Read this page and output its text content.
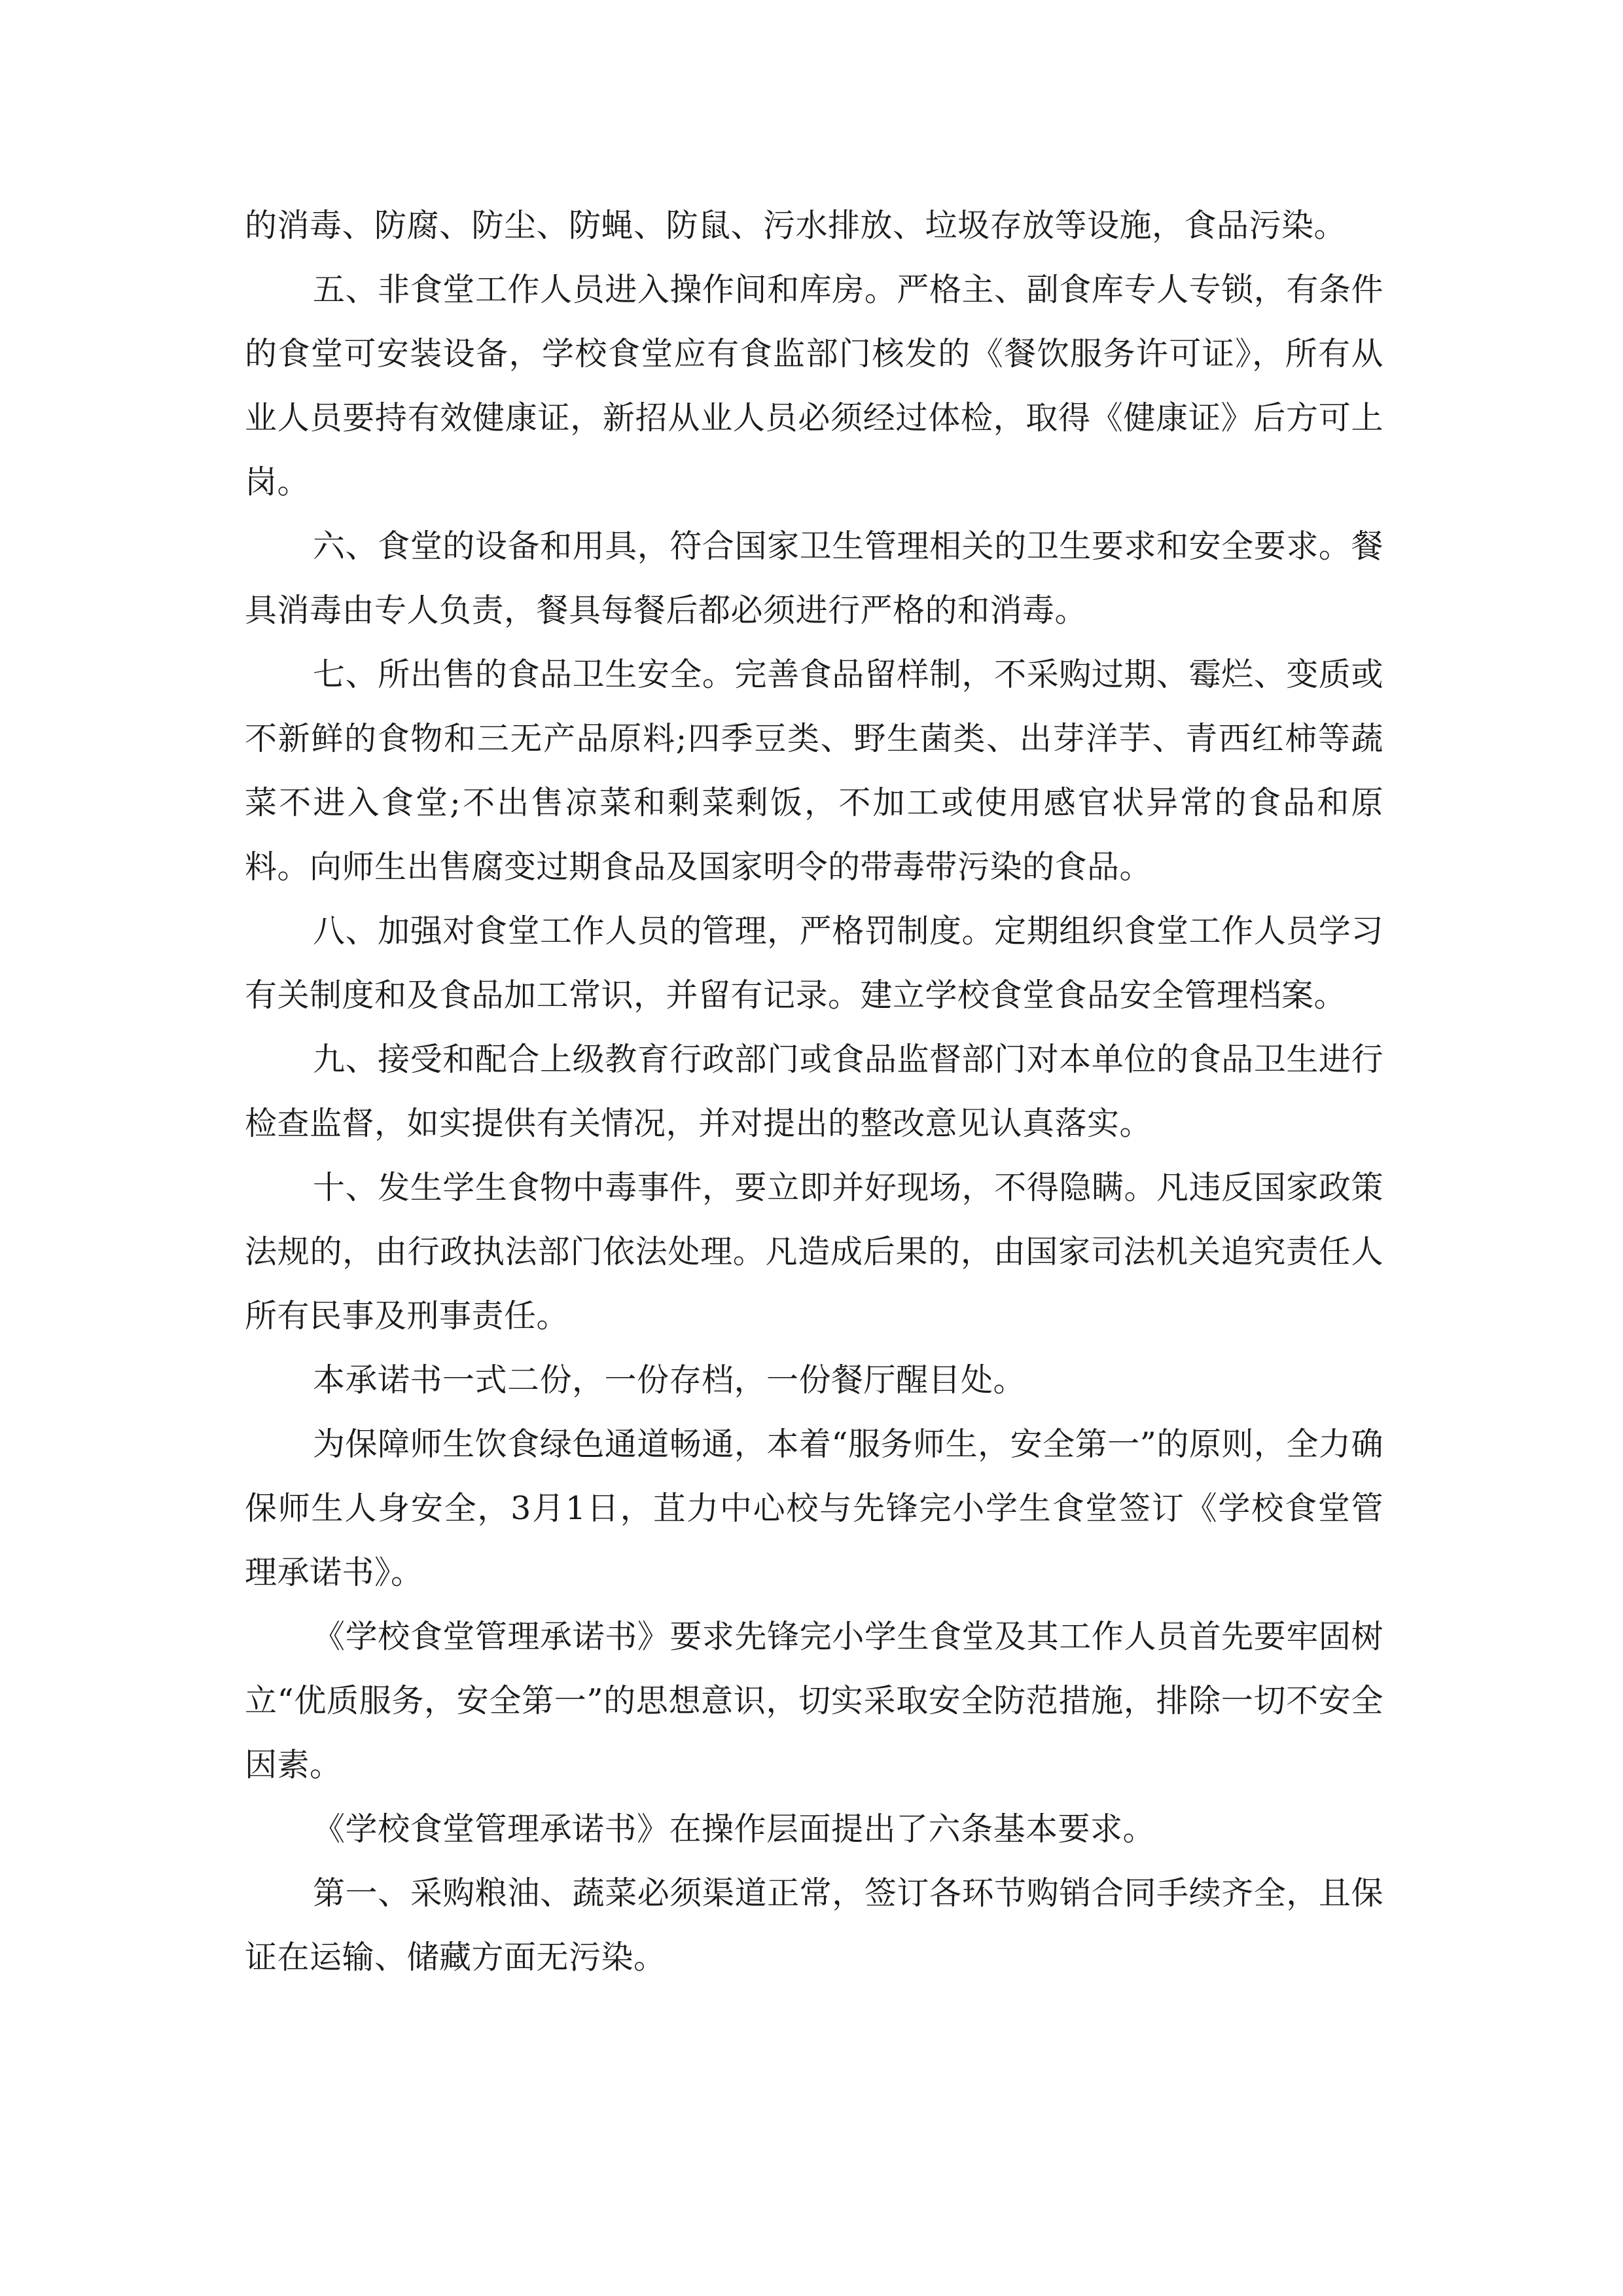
的消毒、防腐、防尘、防蝇、防鼠、污水排放、垃圾存放等设施，食品污染。

五、非食堂工作人员进入操作间和库房。严格主、副食库专人专锁，有条件的食堂可安装设备，学校食堂应有食监部门核发的《餐饮服务许可证》，所有从业人员要持有效健康证，新招从业人员必须经过体检，取得《健康证》后方可上岗。

六、食堂的设备和用具，符合国家卫生管理相关的卫生要求和安全要求。餐具消毒由专人负责，餐具每餐后都必须进行严格的和消毒。

七、所出售的食品卫生安全。完善食品留样制，不采购过期、霉烂、变质或不新鲜的食物和三无产品原料;四季豆类、野生菌类、出芽洋芋、青西红柿等蔬菜不进入食堂;不出售凉菜和剩菜剩饭，不加工或使用感官状异常的食品和原料。向师生出售腐变过期食品及国家明令的带毒带污染的食品。

八、加强对食堂工作人员的管理，严格罚制度。定期组织食堂工作人员学习有关制度和及食品加工常识，并留有记录。建立学校食堂食品安全管理档案。

九、接受和配合上级教育行政部门或食品监督部门对本单位的食品卫生进行检查监督，如实提供有关情况，并对提出的整改意见认真落实。

十、发生学生食物中毒事件，要立即并好现场，不得隐瞒。凡违反国家政策法规的，由行政执法部门依法处理。凡造成后果的，由国家司法机关追究责任人所有民事及刑事责任。

本承诺书一式二份，一份存档，一份餐厅醒目处。

为保障师生饮食绿色通道畅通，本着“服务师生，安全第一”的原则，全力确保师生人身安全，3月1日，苴力中心校与先锋完小学生食堂签订《学校食堂管理承诺书》。

《学校食堂管理承诺书》要求先锋完小学生食堂及其工作人员首先要牢固树立“优质服务，安全第一”的思想意识，切实采取安全防范措施，排除一切不安全因素。

《学校食堂管理承诺书》在操作层面提出了六条基本要求。

第一、采购粮油、蔬菜必须渠道正常，签订各环节购销合同手续齐全，且保证在运输、储藏方面无污染。
